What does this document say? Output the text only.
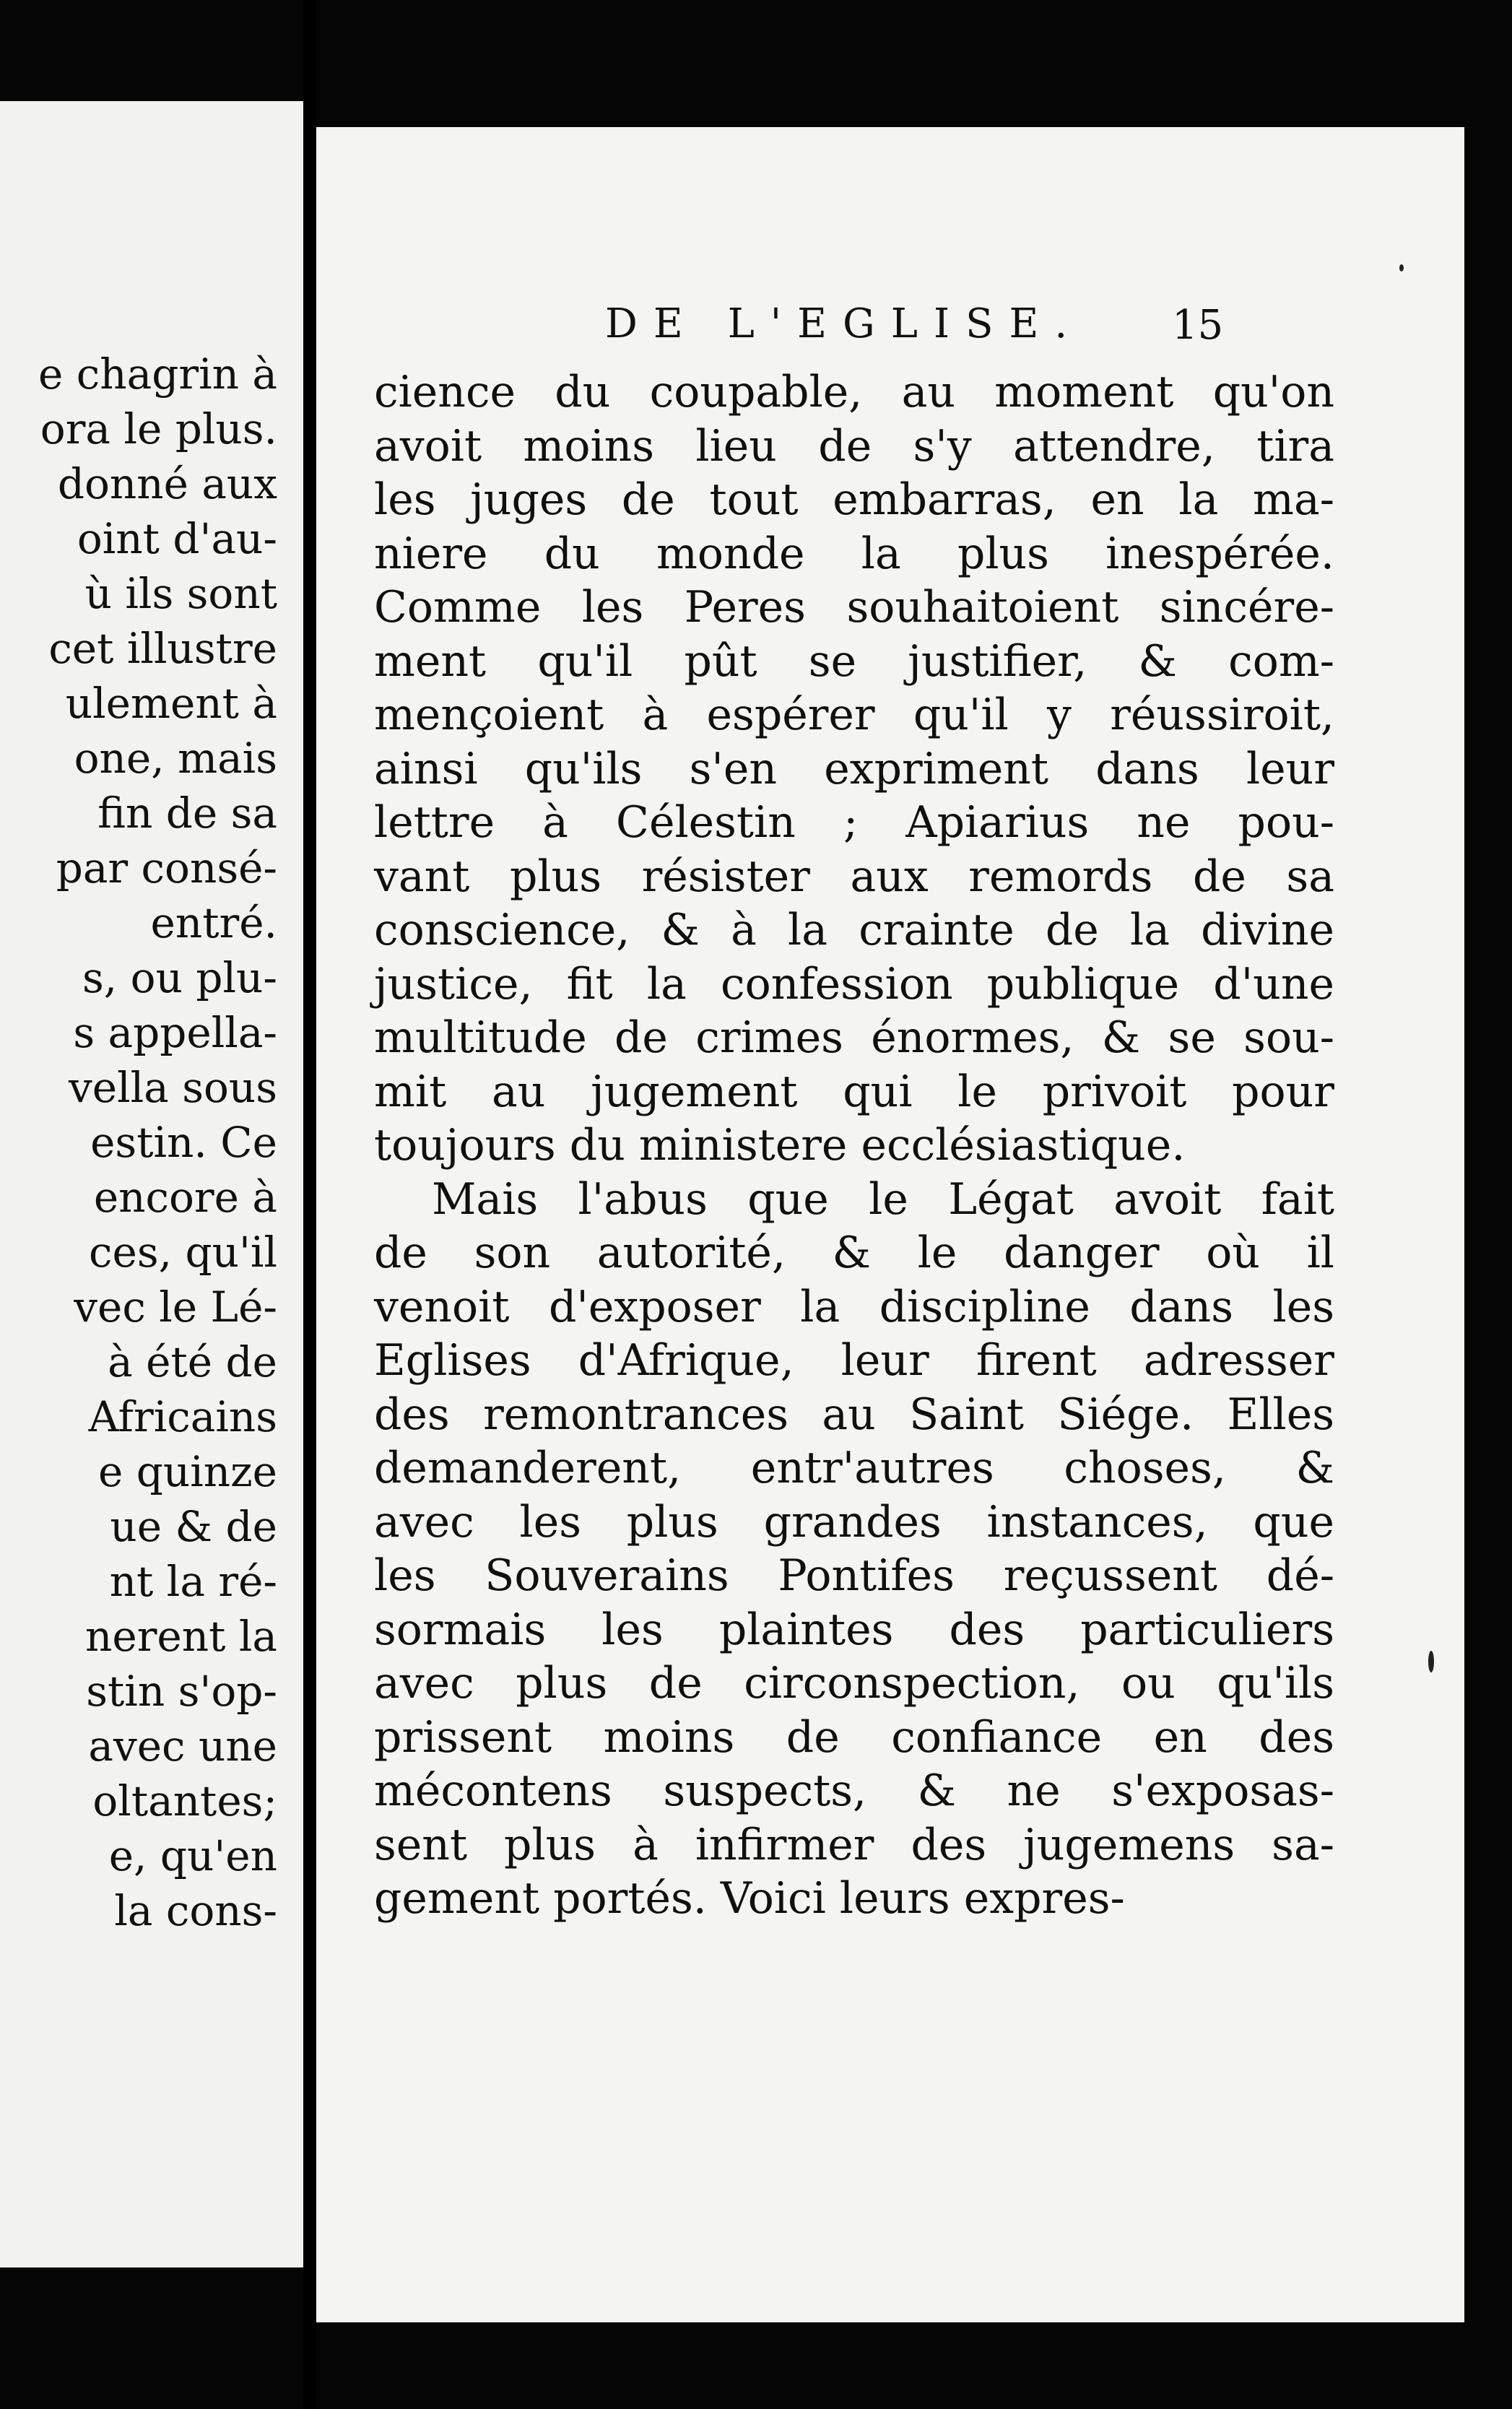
e chagrin à
ora le plus.
donné aux
oint d'au-
ù ils sont
cet illustre
ulement à
one, mais
fin de sa
par consé-
entré.
s, ou plu-
s appella-
vella sous
estin. Ce
encore à
ces, qu'il
vec le Lé-
à été de
Africains
e quinze
ue & de
nt la ré-
nerent la
stin s'op-
avec une
oltantes;
e, qu'en
la cons-
DE L'EGLISE. 15
cience du coupable, au moment qu'on
avoit moins lieu de s'y attendre, tira
les juges de tout embarras, en la ma-
niere du monde la plus inespérée.
Comme les Peres souhaitoient sincére-
ment qu'il pût se justifier, & com-
mençoient à espérer qu'il y réussiroit,
ainsi qu'ils s'en expriment dans leur
lettre à Célestin ; Apiarius ne pou-
vant plus résister aux remords de sa
conscience, & à la crainte de la divine
justice, fit la confession publique d'une
multitude de crimes énormes, & se sou-
mit au jugement qui le privoit pour
toujours du ministere ecclésiastique.
Mais l'abus que le Légat avoit fait
de son autorité, & le danger où il
venoit d'exposer la discipline dans les
Eglises d'Afrique, leur firent adresser
des remontrances au Saint Siége. Elles
demanderent, entr'autres choses, &
avec les plus grandes instances, que
les Souverains Pontifes reçussent dé-
sormais les plaintes des particuliers
avec plus de circonspection, ou qu'ils
prissent moins de confiance en des
mécontens suspects, & ne s'exposas-
sent plus à infirmer des jugemens sa-
gement portés. Voici leurs expres-
